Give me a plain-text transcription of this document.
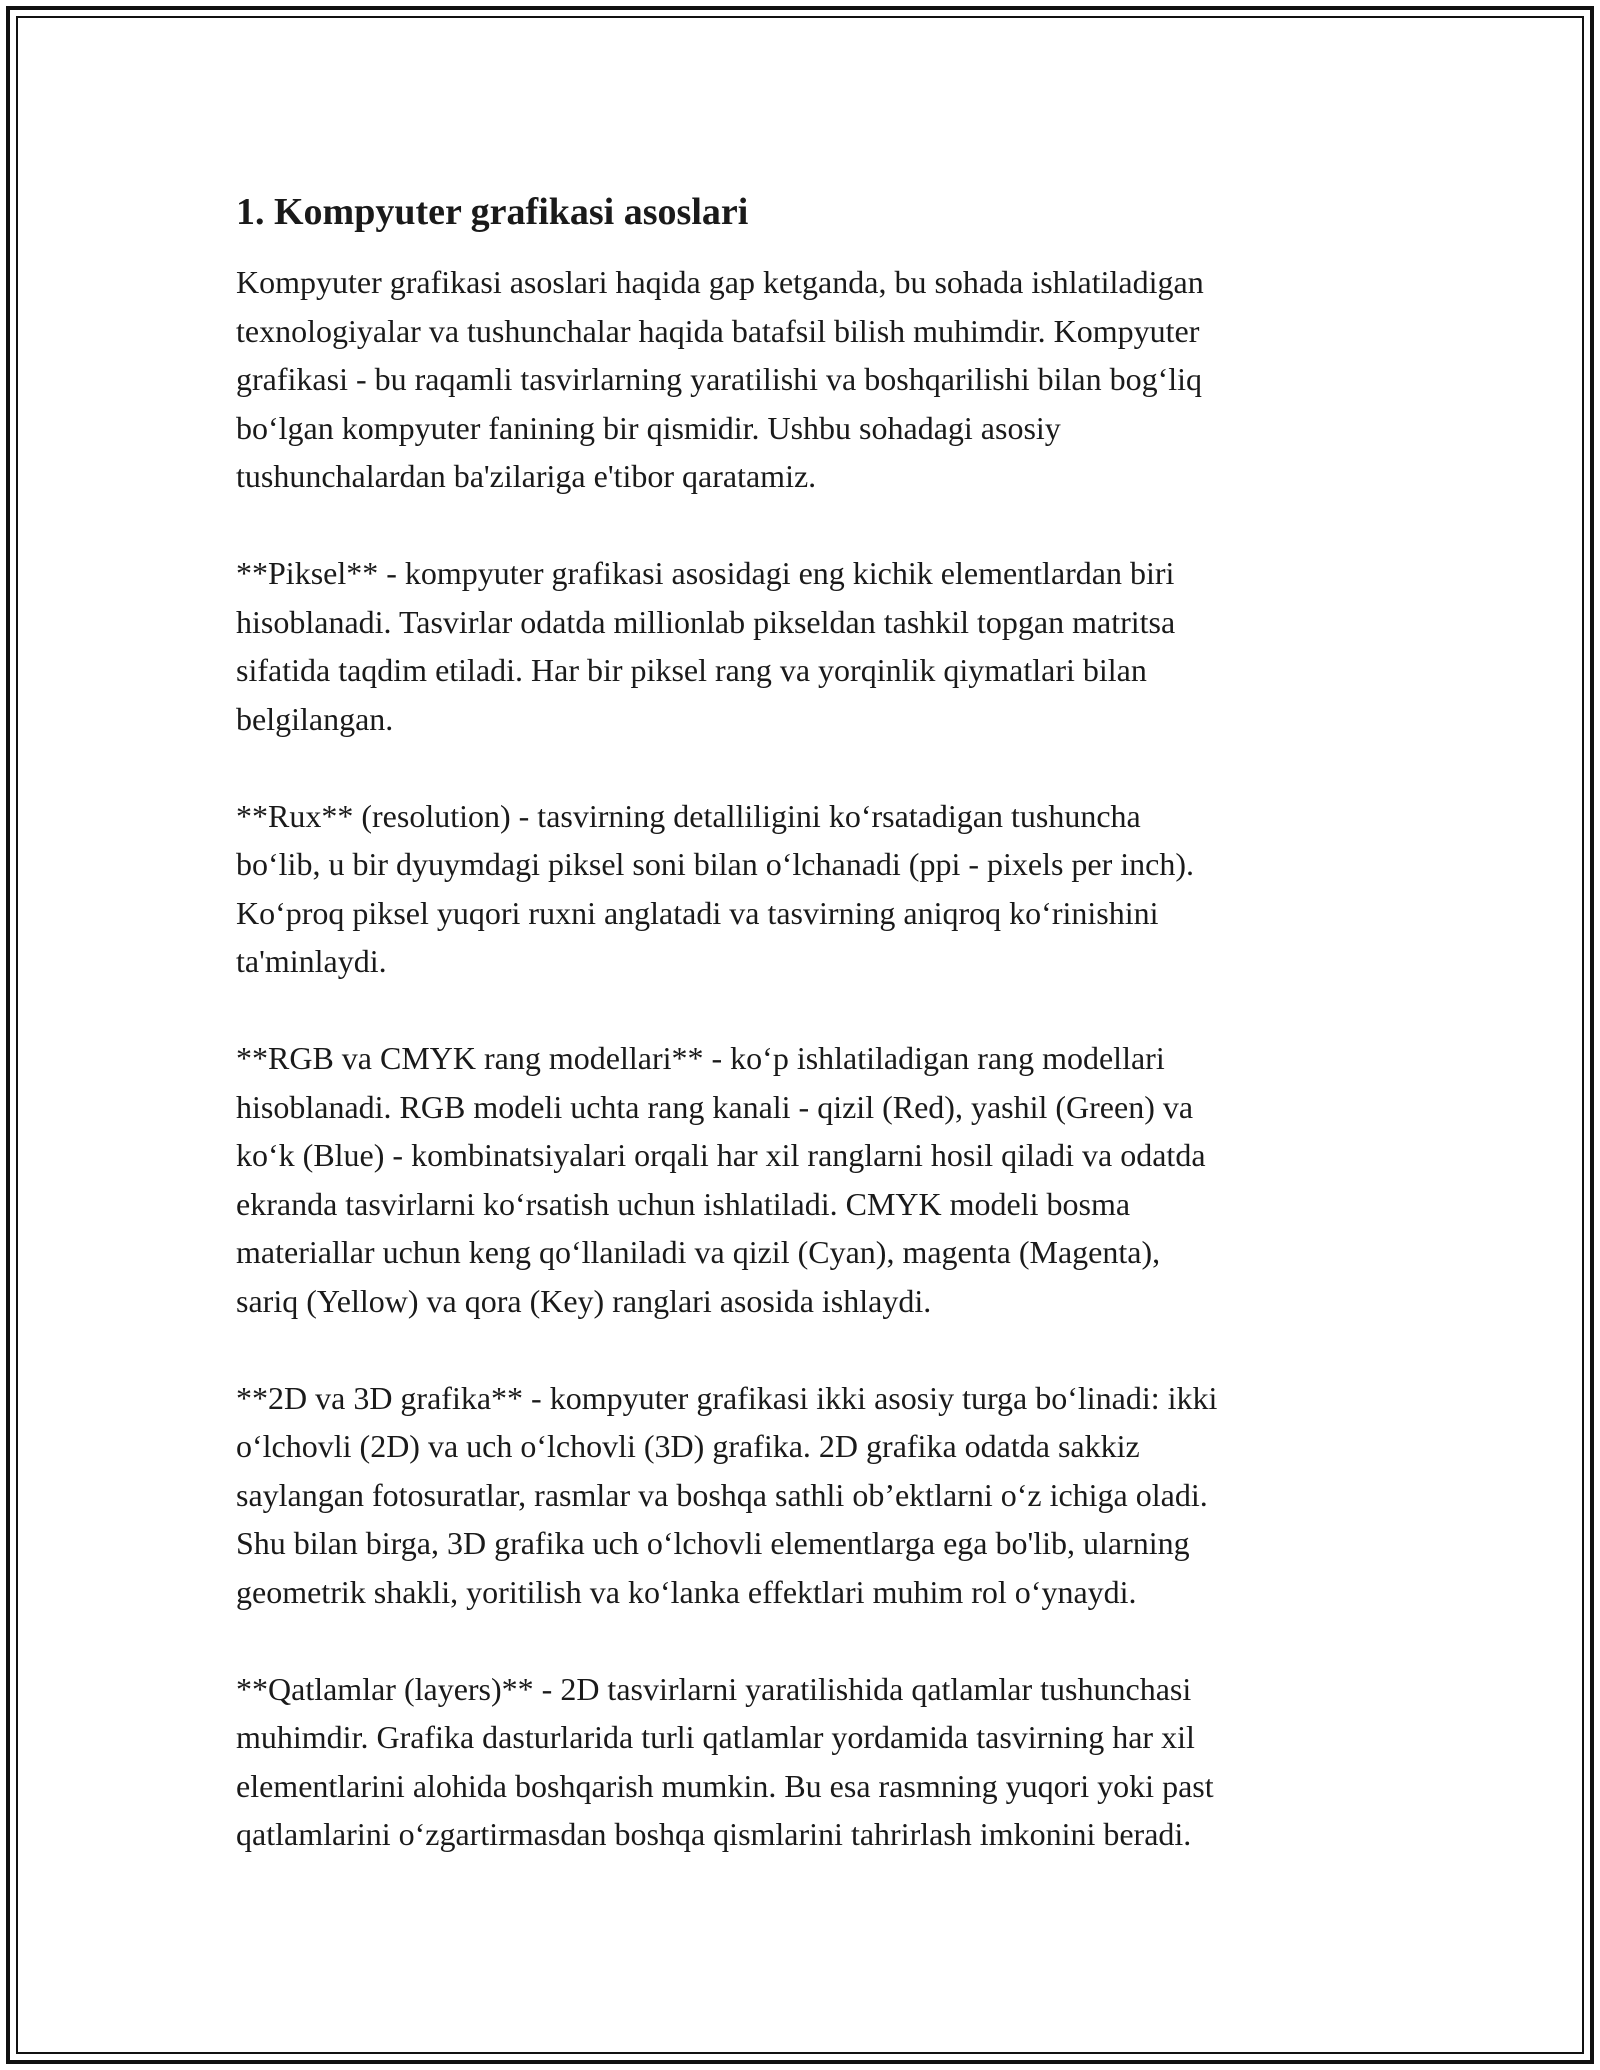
1. Kompyuter grafikasi asoslari

Kompyuter grafikasi asoslari haqida gap ketganda, bu sohada ishlatiladigan
texnologiyalar va tushunchalar haqida batafsil bilish muhimdir. Kompyuter
grafikasi - bu raqamli tasvirlarning yaratilishi va boshqarilishi bilan bog‘liq
bo‘lgan kompyuter fanining bir qismidir. Ushbu sohadagi asosiy
tushunchalardan ba'zilariga e'tibor qaratamiz.

**Piksel** - kompyuter grafikasi asosidagi eng kichik elementlardan biri
hisoblanadi. Tasvirlar odatda millionlab pikseldan tashkil topgan matritsa
sifatida taqdim etiladi. Har bir piksel rang va yorqinlik qiymatlari bilan
belgilangan.

**Rux** (resolution) - tasvirning detalliligini ko‘rsatadigan tushuncha
bo‘lib, u bir dyuymdagi piksel soni bilan o‘lchanadi (ppi - pixels per inch).
Ko‘proq piksel yuqori ruxni anglatadi va tasvirning aniqroq ko‘rinishini
ta'minlaydi.

**RGB va CMYK rang modellari** - ko‘p ishlatiladigan rang modellari
hisoblanadi. RGB modeli uchta rang kanali - qizil (Red), yashil (Green) va
ko‘k (Blue) - kombinatsiyalari orqali har xil ranglarni hosil qiladi va odatda
ekranda tasvirlarni ko‘rsatish uchun ishlatiladi. CMYK modeli bosma
materiallar uchun keng qo‘llaniladi va qizil (Cyan), magenta (Magenta),
sariq (Yellow) va qora (Key) ranglari asosida ishlaydi.

**2D va 3D grafika** - kompyuter grafikasi ikki asosiy turga bo‘linadi: ikki
o‘lchovli (2D) va uch o‘lchovli (3D) grafika. 2D grafika odatda sakkiz
saylangan fotosuratlar, rasmlar va boshqa sathli ob’ektlarni o‘z ichiga oladi.
Shu bilan birga, 3D grafika uch o‘lchovli elementlarga ega bo'lib, ularning
geometrik shakli, yoritilish va ko‘lanka effektlari muhim rol o‘ynaydi.

**Qatlamlar (layers)** - 2D tasvirlarni yaratilishida qatlamlar tushunchasi
muhimdir. Grafika dasturlarida turli qatlamlar yordamida tasvirning har xil
elementlarini alohida boshqarish mumkin. Bu esa rasmning yuqori yoki past
qatlamlarini o‘zgartirmasdan boshqa qismlarini tahrirlash imkonini beradi.
